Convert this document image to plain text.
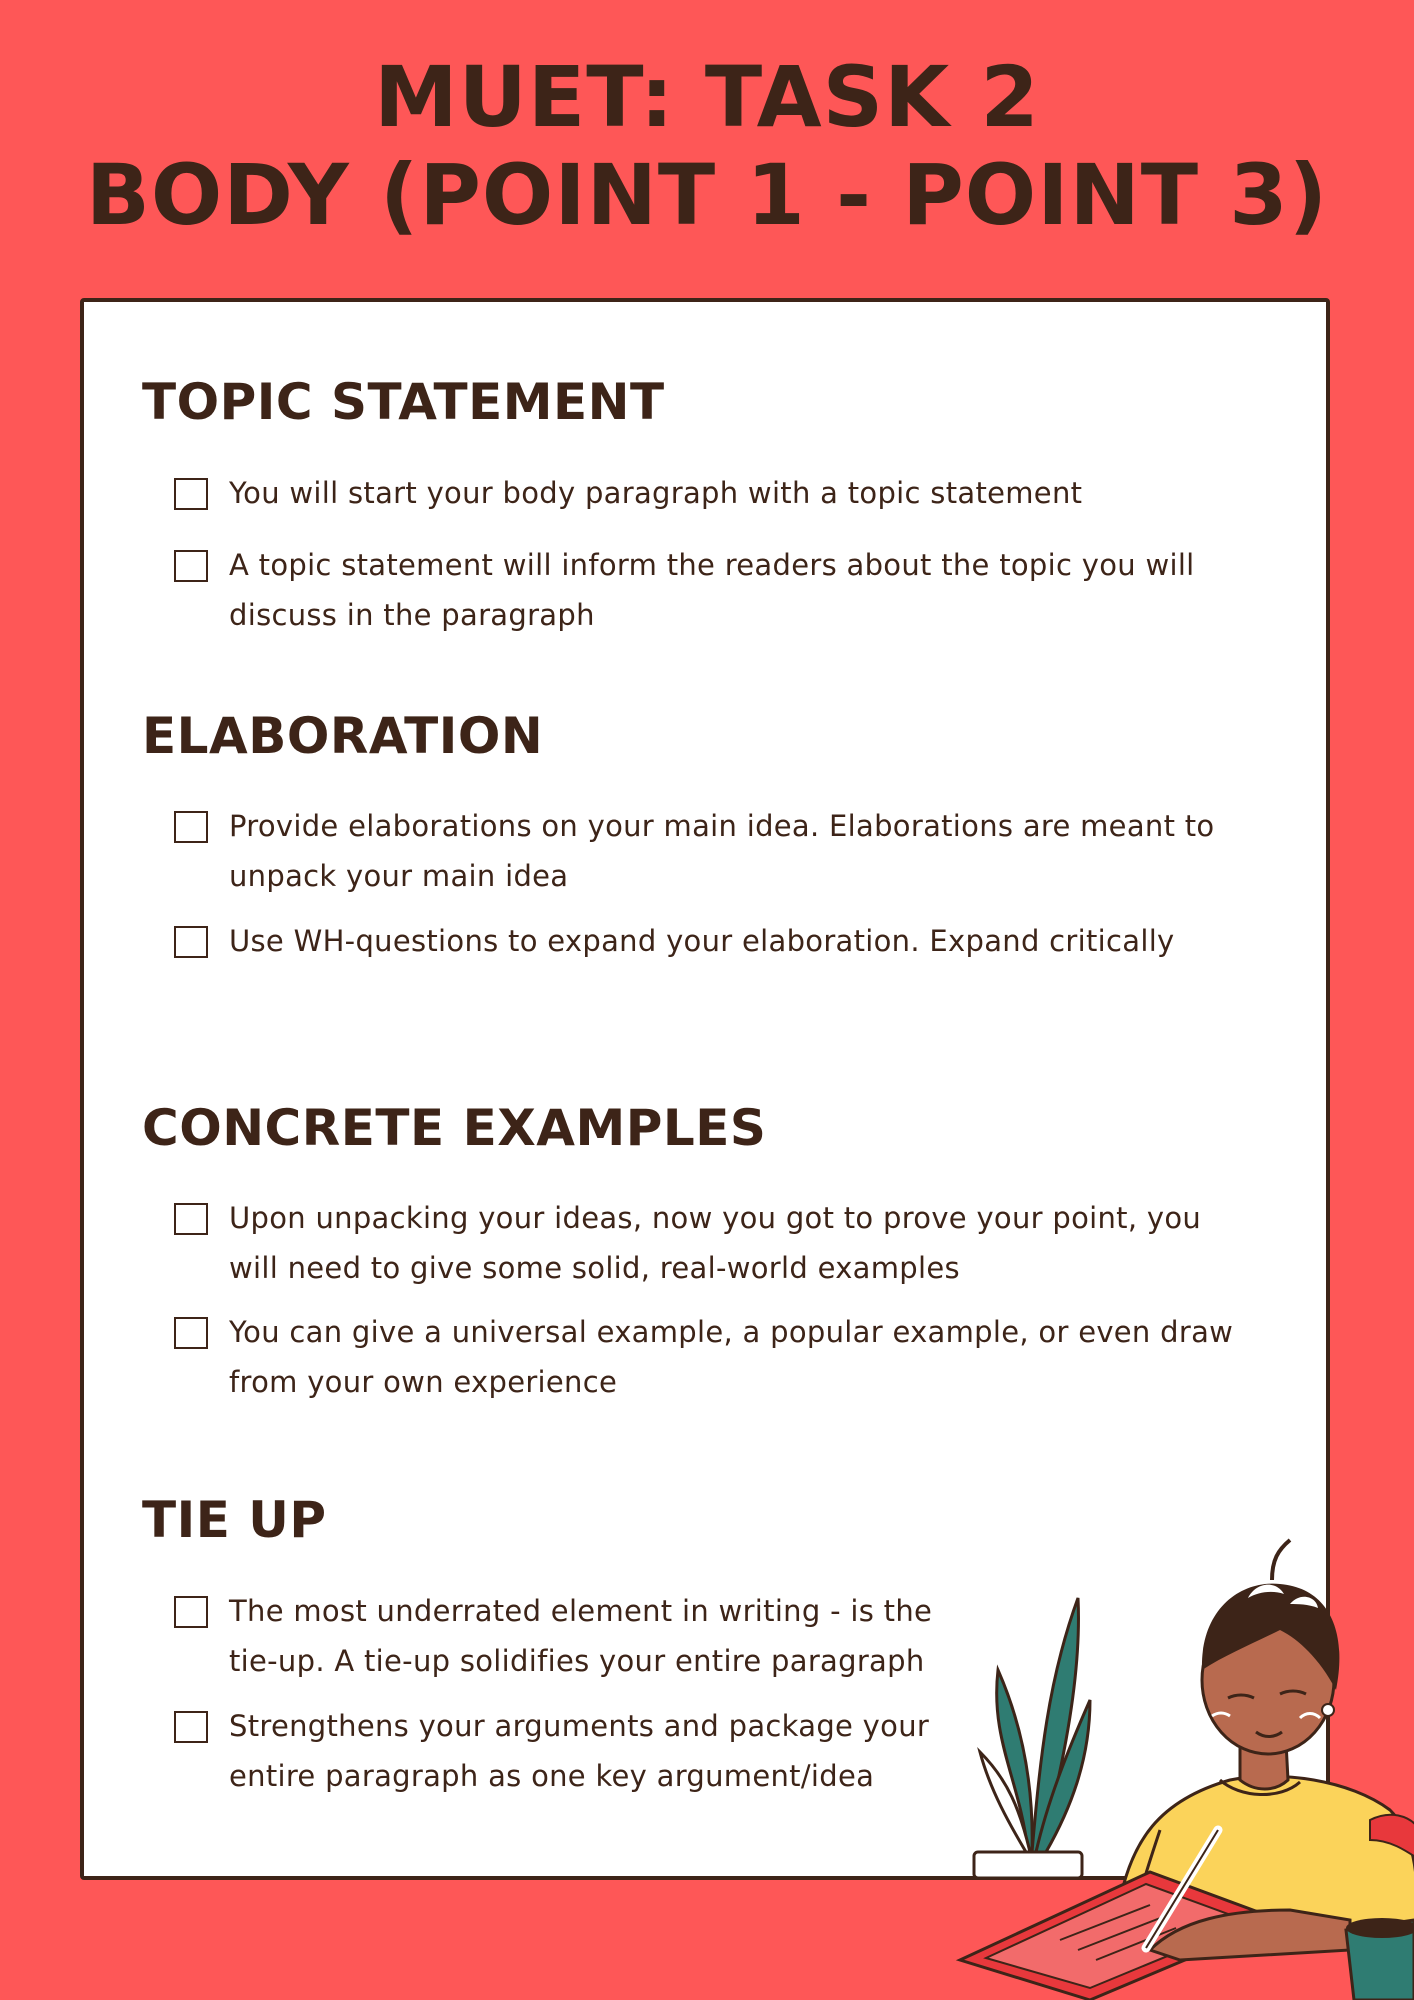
MUET: TASK 2
BODY (POINT 1 - POINT 3)
TOPIC STATEMENT
You will start your body paragraph with a topic statement
A topic statement will inform the readers about the topic you will discuss in the paragraph
ELABORATION
Provide elaborations on your main idea. Elaborations are meant to unpack your main idea
Use WH-questions to expand your elaboration. Expand critically
CONCRETE EXAMPLES
Upon unpacking your ideas, now you got to prove your point, you will need to give some solid, real-world examples
You can give a universal example, a popular example, or even draw from your own experience
TIE UP
The most underrated element in writing - is the tie-up. A tie-up solidifies your entire paragraph
Strengthens your arguments and package your entire paragraph as one key argument/idea
